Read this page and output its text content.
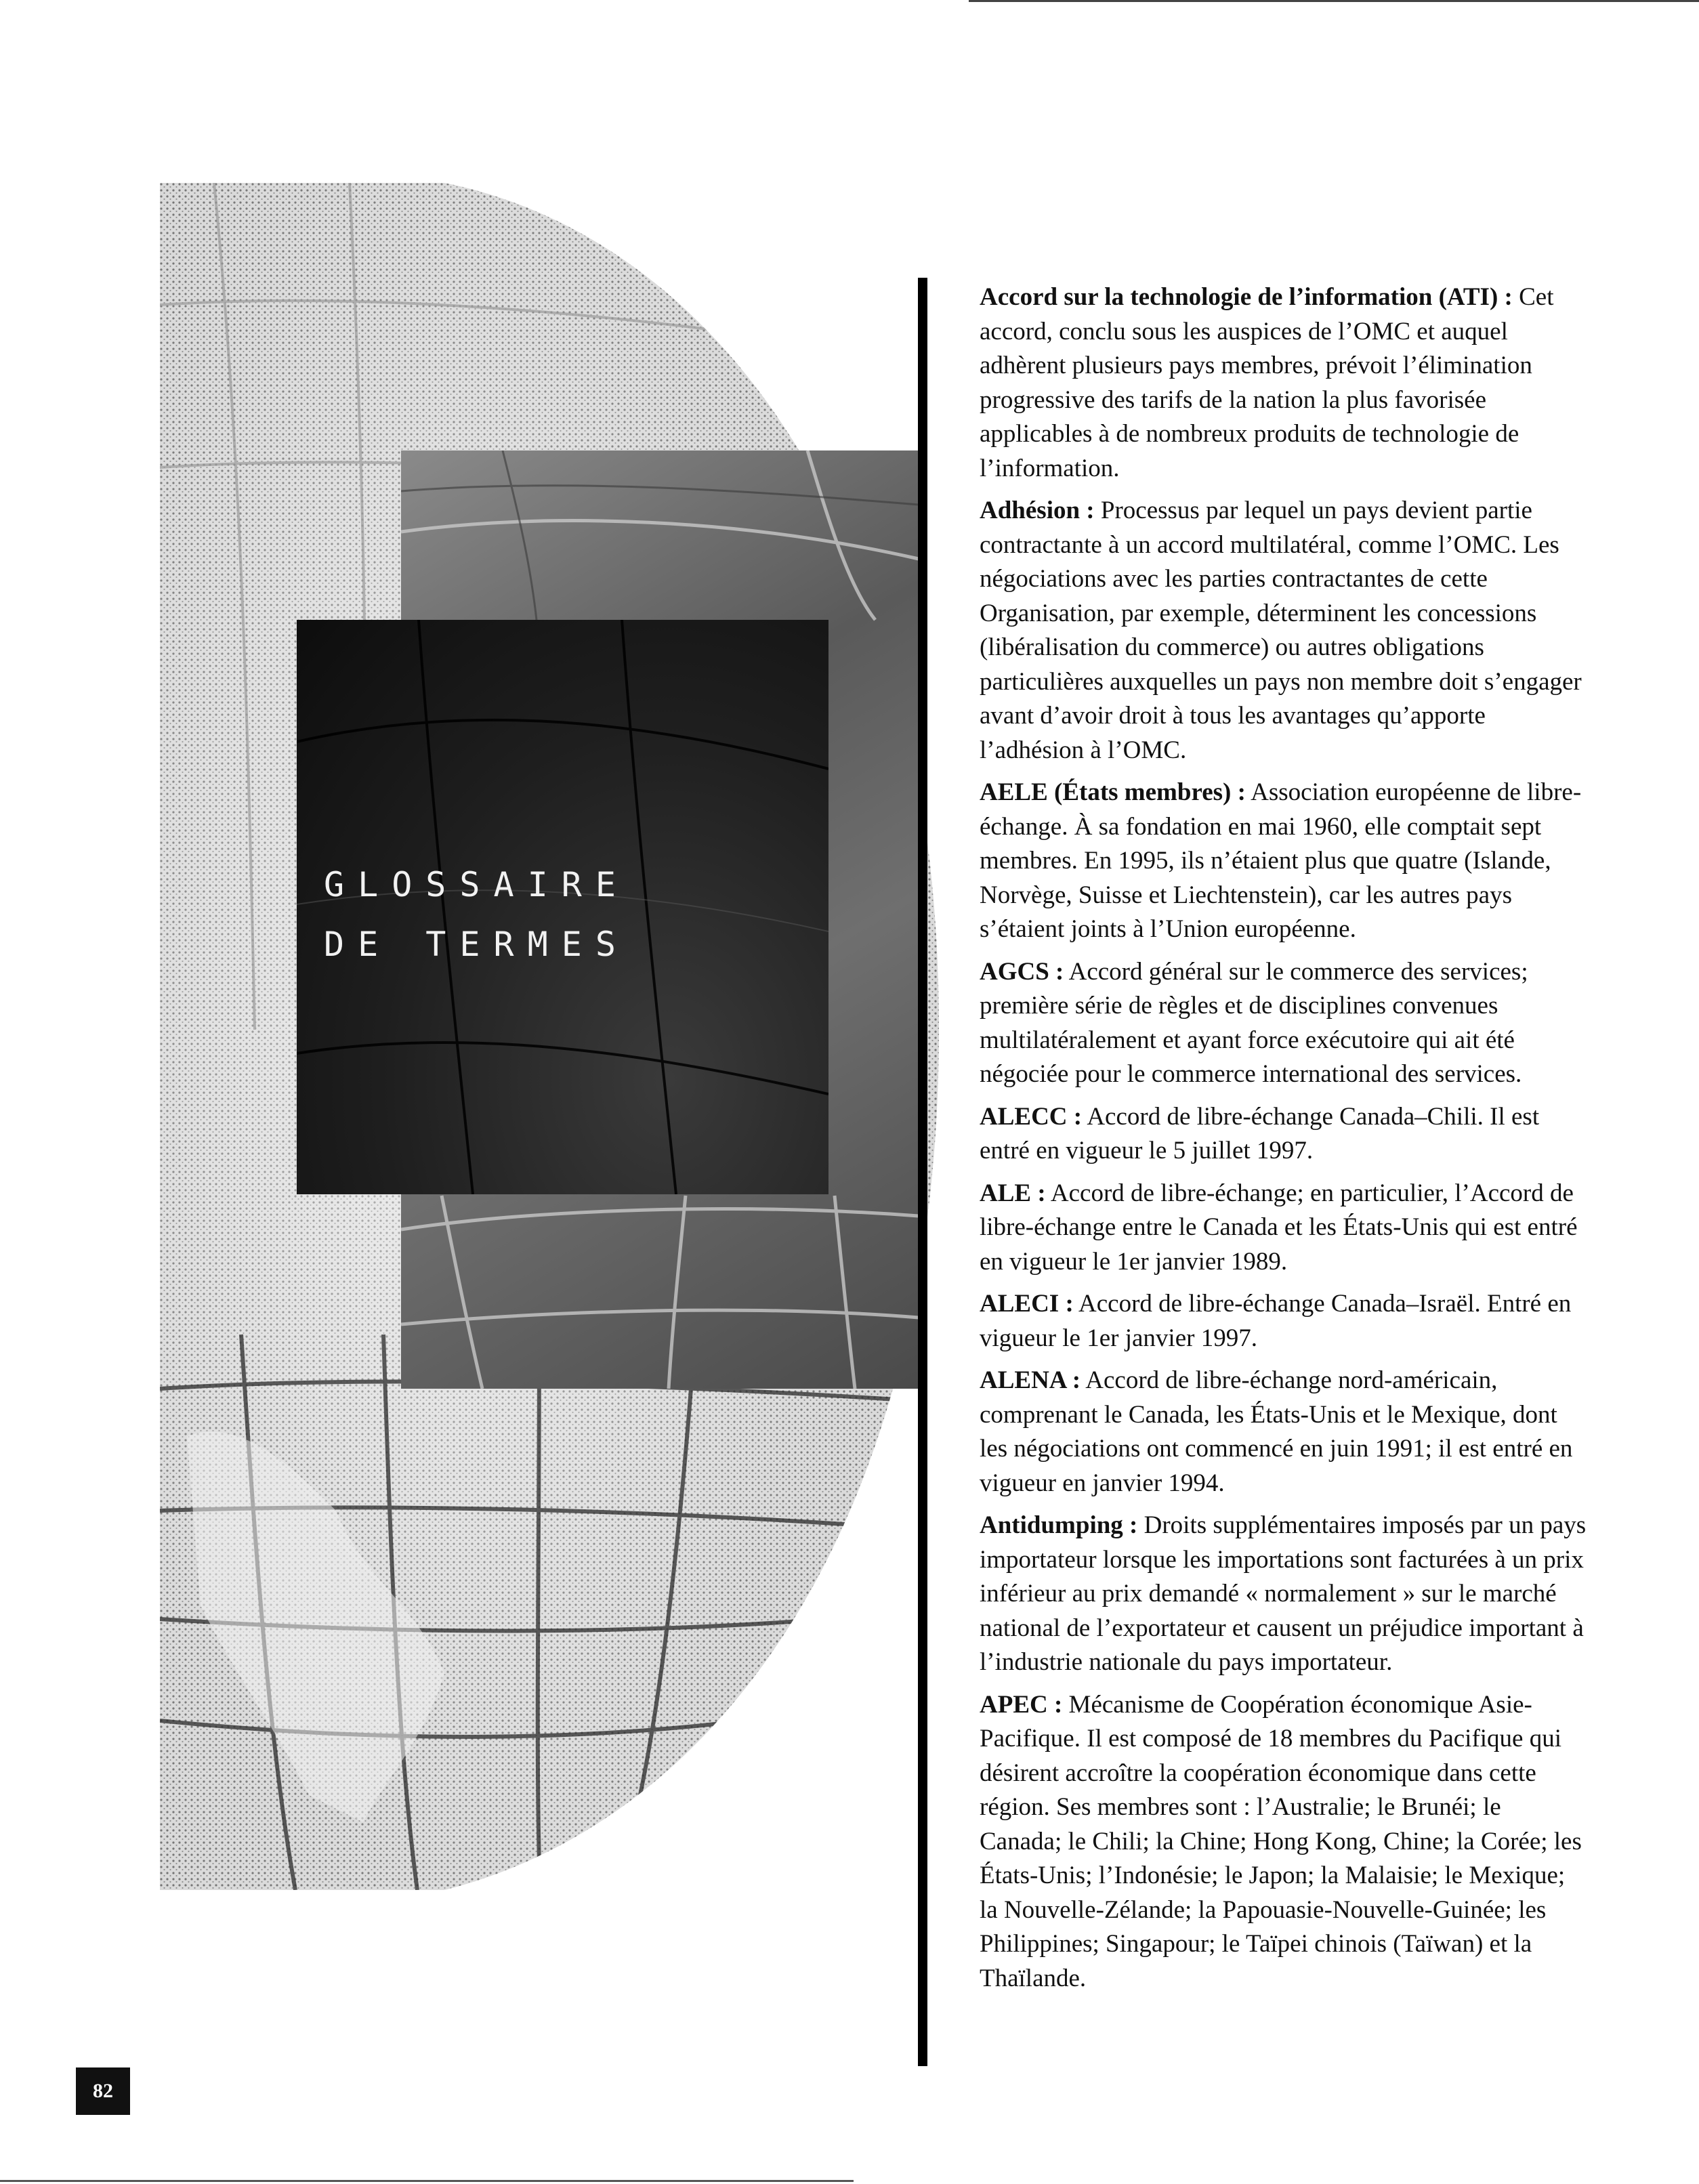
GLOSSAIRE
DE TERMES

Accord sur la technologie de l’information (ATI) : Cet accord, conclu sous les auspices de l’OMC et auquel adhèrent plusieurs pays membres, prévoit l’élimination progressive des tarifs de la nation la plus favorisée applicables à de nombreux produits de technologie de l’information.

Adhésion : Processus par lequel un pays devient partie contractante à un accord multilatéral, comme l’OMC. Les négociations avec les parties contractantes de cette Organisation, par exemple, déterminent les concessions (libéralisation du commerce) ou autres obligations particulières auxquelles un pays non membre doit s’engager avant d’avoir droit à tous les avantages qu’apporte l’adhésion à l’OMC.

AELE (États membres) : Association européenne de libre-échange. À sa fondation en mai 1960, elle comptait sept membres. En 1995, ils n’étaient plus que quatre (Islande, Norvège, Suisse et Liechtenstein), car les autres pays s’étaient joints à l’Union européenne.

AGCS : Accord général sur le commerce des services; première série de règles et de disciplines convenues multilatéralement et ayant force exécutoire qui ait été négociée pour le commerce international des services.

ALECC : Accord de libre-échange Canada–Chili. Il est entré en vigueur le 5 juillet 1997.

ALE : Accord de libre-échange; en particulier, l’Accord de libre-échange entre le Canada et les États-Unis qui est entré en vigueur le 1er janvier 1989.

ALECI : Accord de libre-échange Canada–Israël. Entré en vigueur le 1er janvier 1997.

ALENA : Accord de libre-échange nord-américain, comprenant le Canada, les États-Unis et le Mexique, dont les négociations ont commencé en juin 1991; il est entré en vigueur en janvier 1994.

Antidumping : Droits supplémentaires imposés par un pays importateur lorsque les importations sont facturées à un prix inférieur au prix demandé « normalement » sur le marché national de l’exportateur et causent un préjudice important à l’industrie nationale du pays importateur.

APEC : Mécanisme de Coopération économique Asie-Pacifique. Il est composé de 18 membres du Pacifique qui désirent accroître la coopération économique dans cette région. Ses membres sont : l’Australie; le Brunéi; le Canada; le Chili; la Chine; Hong Kong, Chine; la Corée; les États-Unis; l’Indonésie; le Japon; la Malaisie; le Mexique; la Nouvelle-Zélande; la Papouasie-Nouvelle-Guinée; les Philippines; Singapour; le Taïpei chinois (Taïwan) et la Thaïlande.

82
